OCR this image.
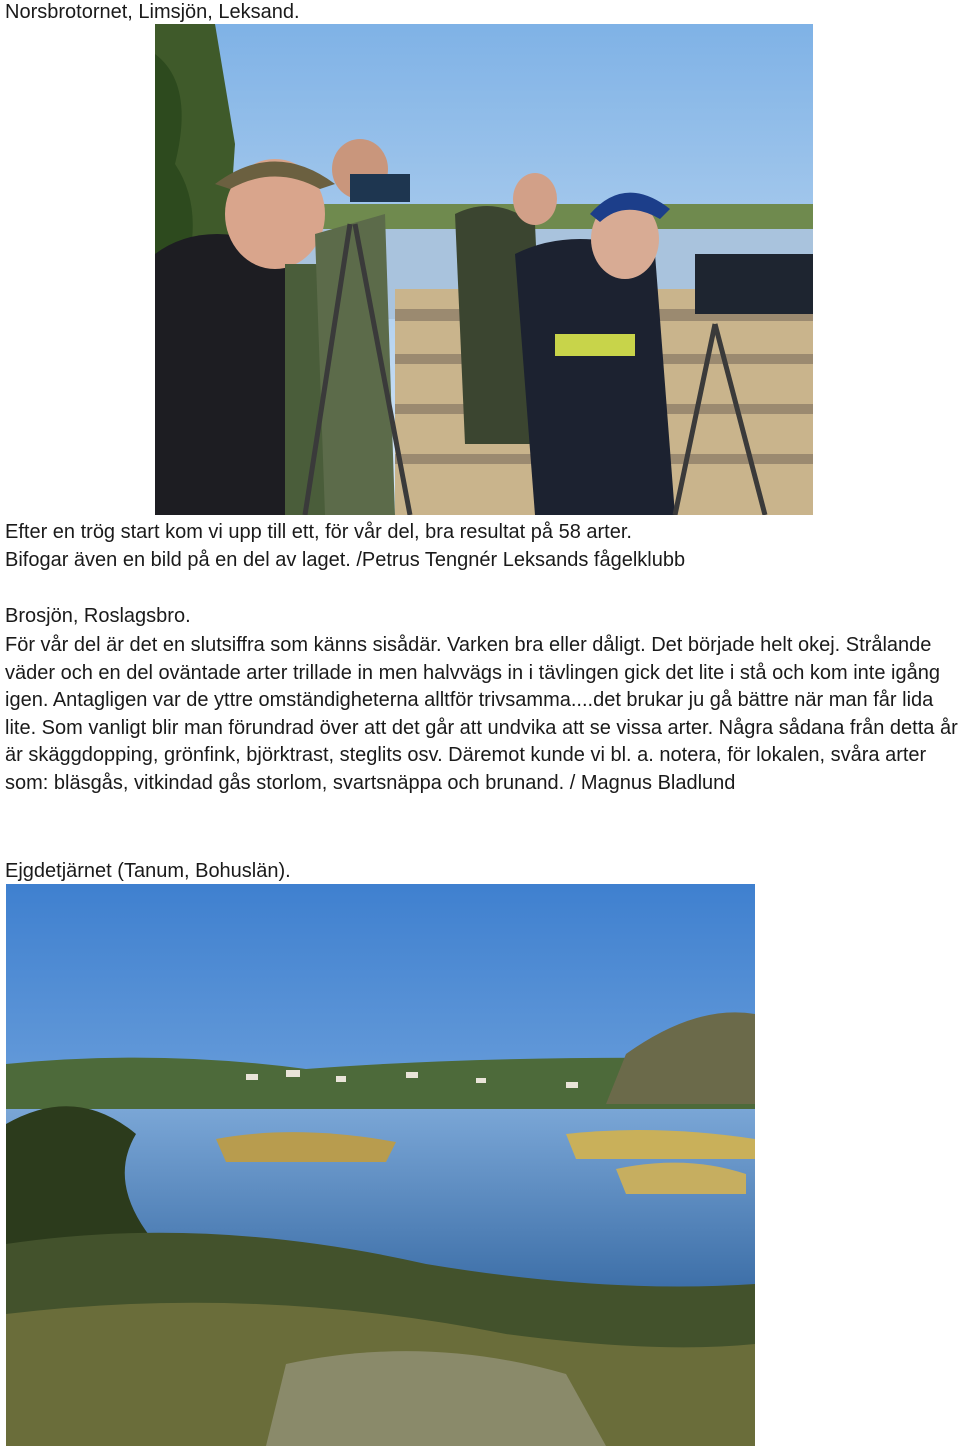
Norsbrotornet, Limsjön, Leksand.
Efter en trög start kom vi upp till ett, för vår del, bra resultat på 58 arter.
Bifogar även en bild på en del av laget. /Petrus Tengnér Leksands fågelklubb
Brosjön, Roslagsbro.
För vår del är det en slutsiffra som känns sisådär. Varken bra eller dåligt. Det började helt okej. Strålande väder och en del oväntade arter trillade in men halvvägs in i tävlingen gick det lite i stå och kom inte igång igen. Antagligen var de yttre omständigheterna alltför trivsamma....det brukar ju gå bättre när man får lida lite. Som vanligt blir man förundrad över att det går att undvika att se vissa arter. Några sådana från detta år är skäggdopping, grönfink, björktrast, steglits osv. Däremot kunde vi bl. a. notera, för lokalen, svåra arter som: bläsgås, vitkindad gås storlom, svartsnäppa och brunand. / Magnus Bladlund
Ejgdetjärnet (Tanum, Bohuslän).
